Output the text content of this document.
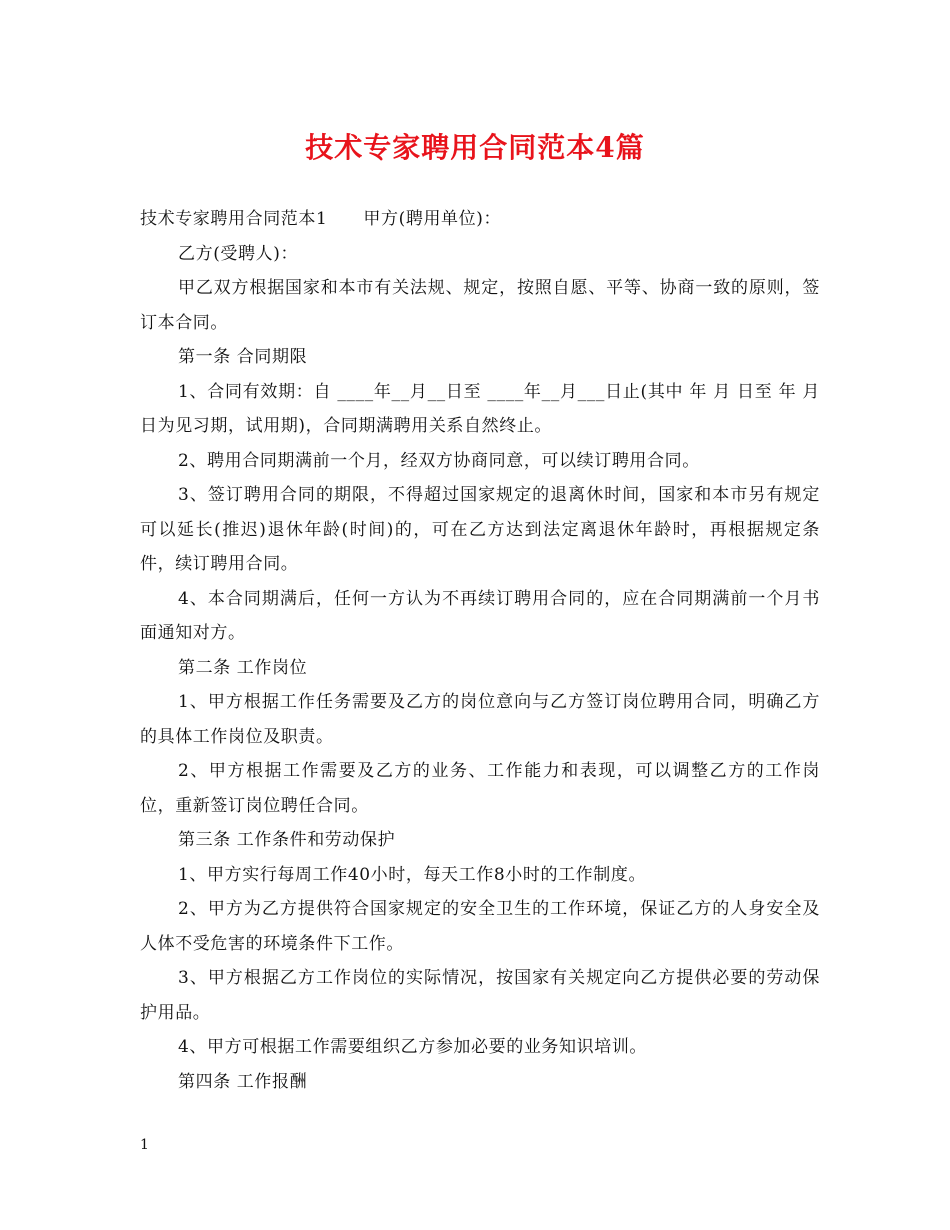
技术专家聘用合同范本4篇

技术专家聘用合同范本1 甲方(聘用单位)：

乙方(受聘人)：

甲乙双方根据国家和本市有关法规、规定，按照自愿、平等、协商一致的原则，签订本合同。

第一条 合同期限

1、合同有效期：自 ____年__月__日至 ____年__月___日止(其中 年 月 日至 年 月 日为见习期，试用期)，合同期满聘用关系自然终止。

2、聘用合同期满前一个月，经双方协商同意，可以续订聘用合同。

3、签订聘用合同的期限，不得超过国家规定的退离休时间，国家和本市另有规定可以延长(推迟)退休年龄(时间)的，可在乙方达到法定离退休年龄时，再根据规定条件，续订聘用合同。

4、本合同期满后，任何一方认为不再续订聘用合同的，应在合同期满前一个月书面通知对方。

第二条 工作岗位

1、甲方根据工作任务需要及乙方的岗位意向与乙方签订岗位聘用合同，明确乙方的具体工作岗位及职责。

2、甲方根据工作需要及乙方的业务、工作能力和表现，可以调整乙方的工作岗位，重新签订岗位聘任合同。

第三条 工作条件和劳动保护

1、甲方实行每周工作40小时，每天工作8小时的工作制度。

2、甲方为乙方提供符合国家规定的安全卫生的工作环境，保证乙方的人身安全及人体不受危害的环境条件下工作。

3、甲方根据乙方工作岗位的实际情况，按国家有关规定向乙方提供必要的劳动保护用品。

4、甲方可根据工作需要组织乙方参加必要的业务知识培训。

第四条 工作报酬

1
